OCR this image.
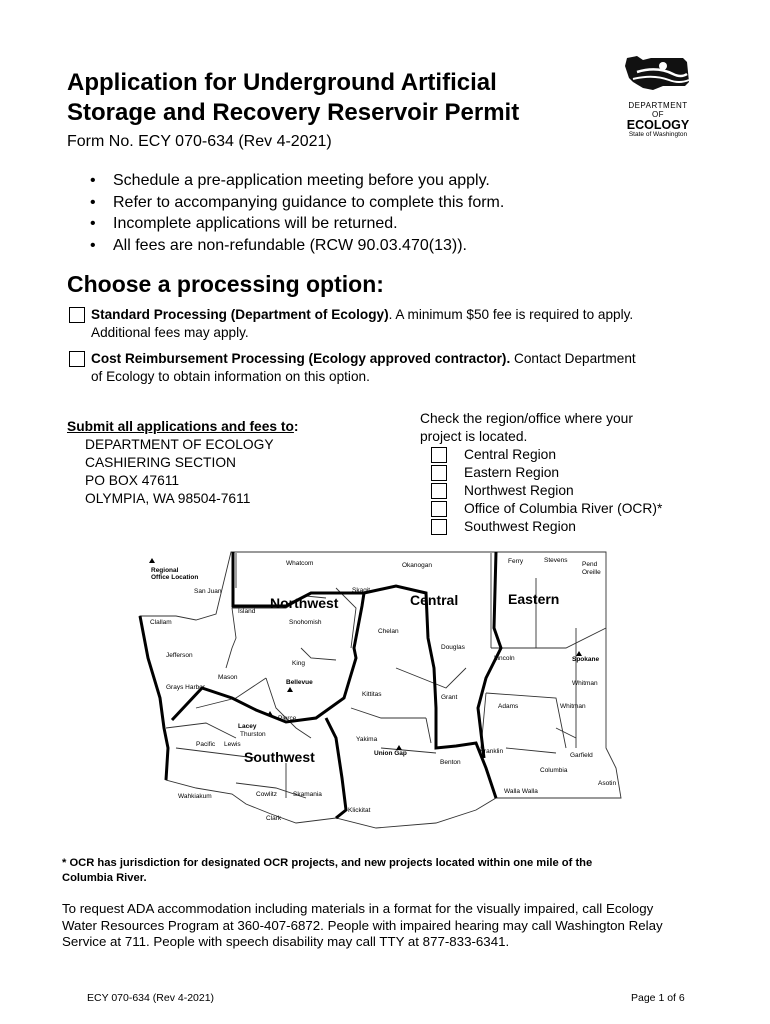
Application for Underground Artificial
Storage and Recovery Reservoir Permit
Form No. ECY 070-634 (Rev 4-2021)
DEPARTMENT OF
ECOLOGY
State of Washington
• Schedule a pre-application meeting before you apply.
• Refer to accompanying guidance to complete this form.
• Incomplete applications will be returned.
• All fees are non-refundable (RCW 90.03.470(13)).
Choose a processing option:
Standard Processing (Department of Ecology). A minimum $50 fee is required to apply.
Additional fees may apply.
Cost Reimbursement Processing (Ecology approved contractor). Contact Department
of Ecology to obtain information on this option.
Submit all applications and fees to:
DEPARTMENT OF ECOLOGY
CASHIERING SECTION
PO BOX 47611
OLYMPIA, WA 98504-7611
Check the region/office where your
project is located.
Central Region
Eastern Region
Northwest Region
Office of Columbia River (OCR)*
Southwest Region
Regional
Office Location
Northwest	Central	Eastern
Southwest
Whatcom	Okanogan
Ferry	Stevens
Pend
Oreille
San Juan	Skagit
Island
Snohomish
Clallam
Chelan
Douglas
Jefferson
King
Lincoln	Spokane
Bellevue
Mason
Grays Harbor
Whitman
Kittitas	Grant
Adams	Whitman
Pierce
Lacey
Thurston
Yakima
Union Gap
Pacific Lewis
Franklin
Garfield
Benton
Columbia
Asotin
Walla Walla
Wahkiakum	Cowlitz Skamania
Klickitat
Clark
* OCR has jurisdiction for designated OCR projects, and new projects located within one mile of the
Columbia River.
To request ADA accommodation including materials in a format for the visually impaired, call Ecology
Water Resources Program at 360-407-6872. People with impaired hearing may call Washington Relay
Service at 711. People with speech disability may call TTY at 877-833-6341.
ECY 070-634 (Rev 4-2021)	Page 1 of 6
